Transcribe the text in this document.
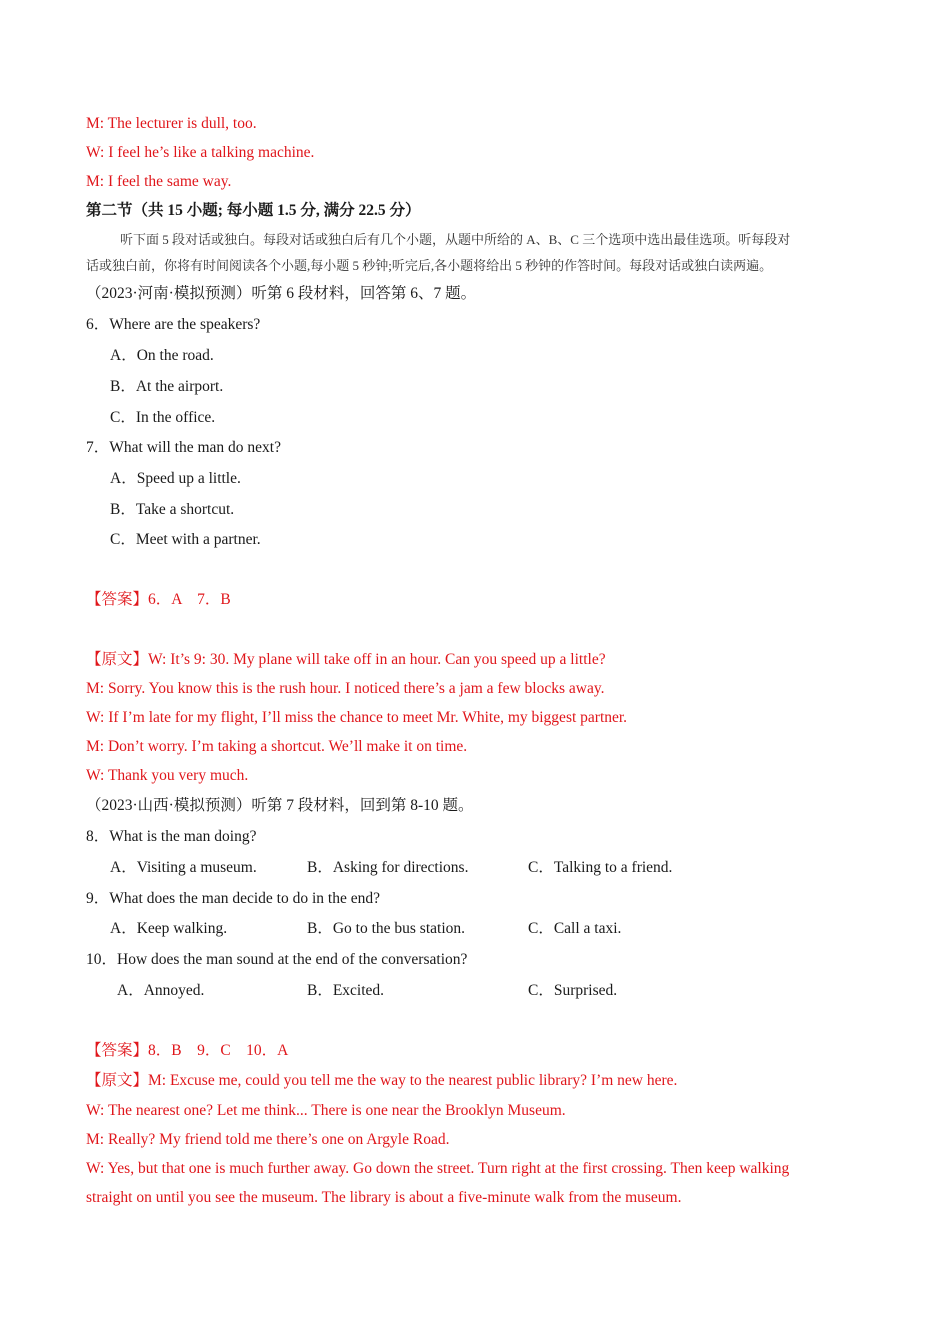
M: The lecturer is dull, too.
W: I feel he’s like a talking machine.
M: I feel the same way.
第二节（共 15 小题; 每小题 1.5 分, 满分 22.5 分）
听下面 5 段对话或独白。每段对话或独白后有几个小题，从题中所给的 A、B、C 三个选项中选出最佳选项。听每段对
话或独白前，你将有时间阅读各个小题,每小题 5 秒钟;听完后,各小题将给出 5 秒钟的作答时间。每段对话或独白读两遍。
（2023·河南·模拟预测）听第 6 段材料，回答第 6、7 题。
6．Where are the speakers?
A．On the road.
B．At the airport.
C．In the office.
7．What will the man do next?
A．Speed up a little.
B．Take a shortcut.
C．Meet with a partner.
【答案】6．A　7．B
【原文】W: It’s 9: 30. My plane will take off in an hour. Can you speed up a little?
M: Sorry. You know this is the rush hour. I noticed there’s a jam a few blocks away.
W: If I’m late for my flight, I’ll miss the chance to meet Mr. White, my biggest partner.
M: Don’t worry. I’m taking a shortcut. We’ll make it on time.
W: Thank you very much.
（2023·山西·模拟预测）听第 7 段材料，回到第 8-10 题。
8．What is the man doing?
A．Visiting a museum.	B．Asking for directions.	C．Talking to a friend.
9．What does the man decide to do in the end?
A．Keep walking.	B．Go to the bus station.	C．Call a taxi.
10．How does the man sound at the end of the conversation?
A．Annoyed.	B．Excited.	C．Surprised.
【答案】8．B　9．C　10．A
【原文】M: Excuse me, could you tell me the way to the nearest public library? I’m new here.
W: The nearest one? Let me think... There is one near the Brooklyn Museum.
M: Really? My friend told me there’s one on Argyle Road.
W: Yes, but that one is much further away. Go down the street. Turn right at the first crossing. Then keep walking
straight on until you see the museum. The library is about a five-minute walk from the museum.
